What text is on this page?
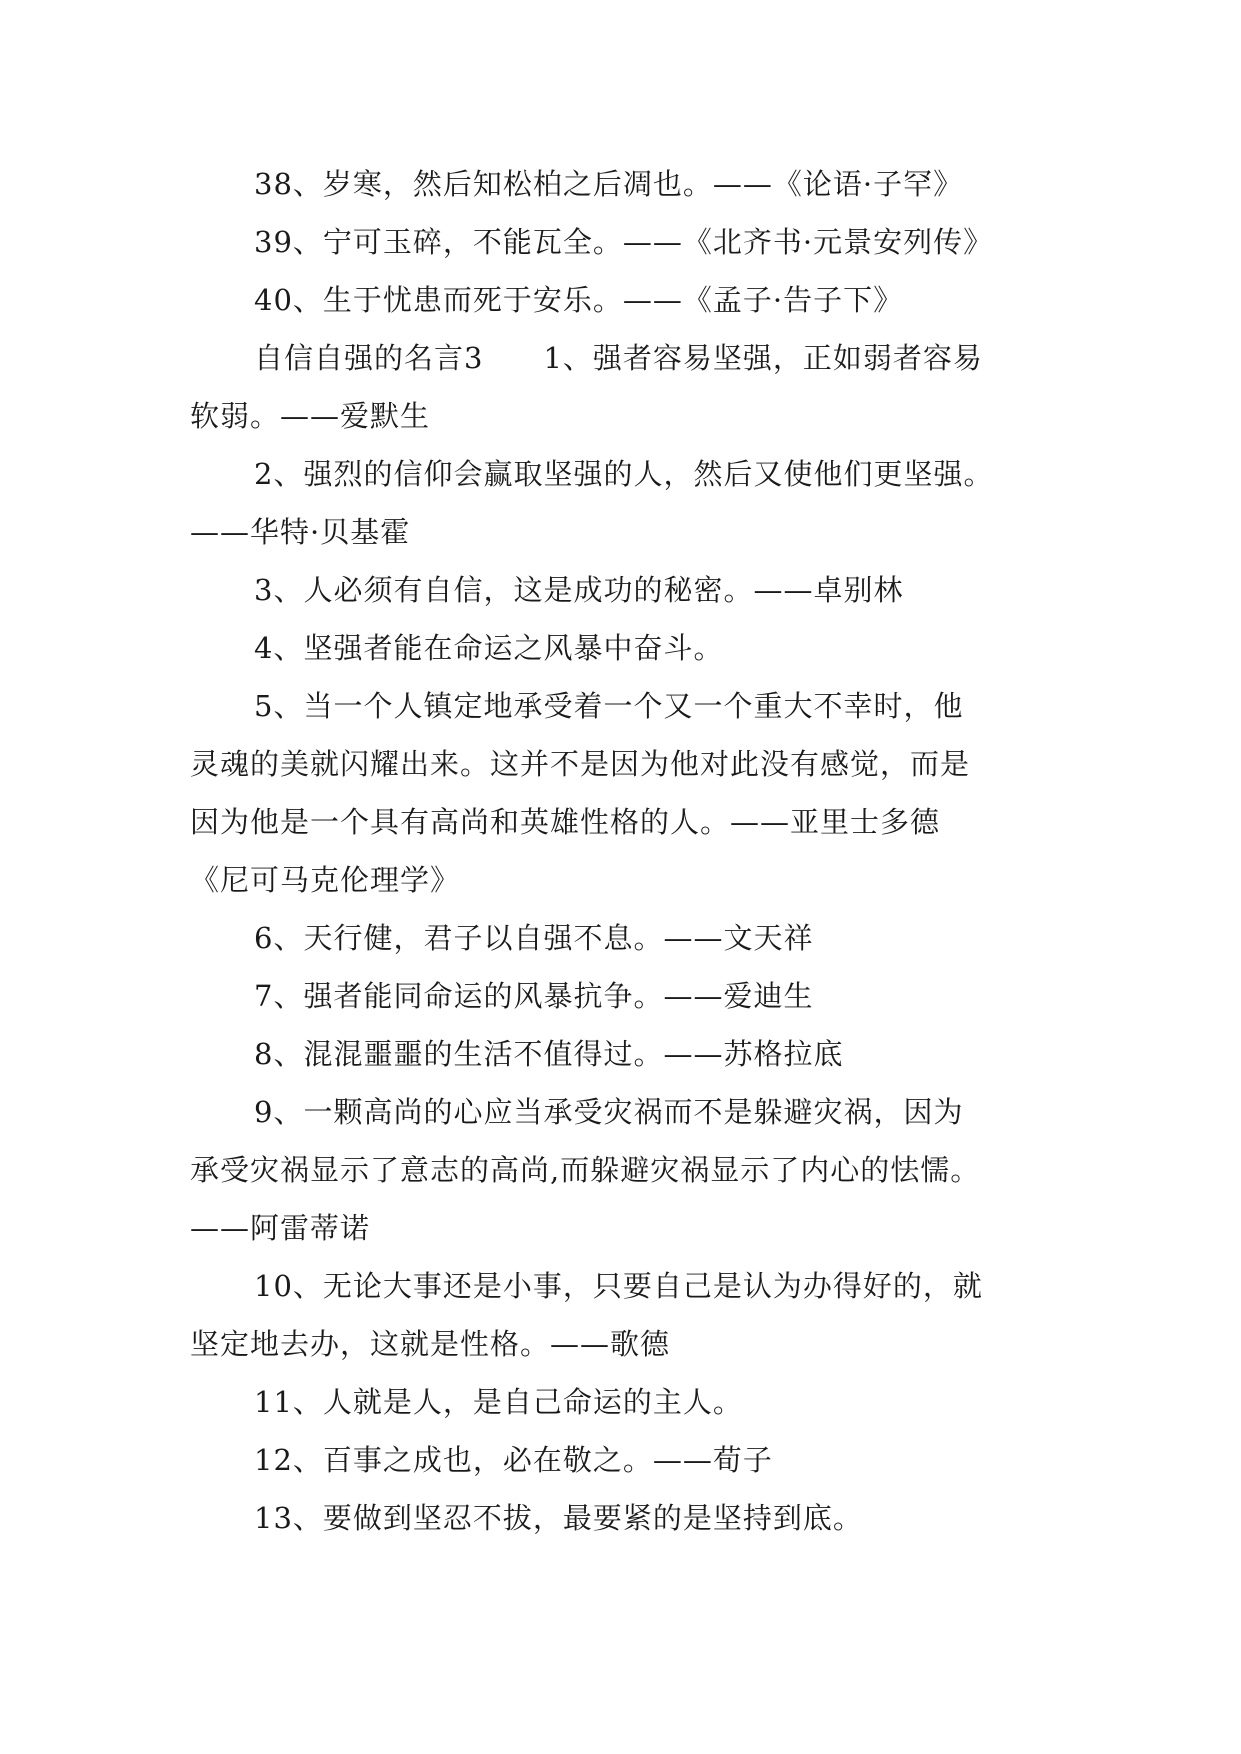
38、岁寒，然后知松柏之后凋也。——《论语·子罕》
39、宁可玉碎，不能瓦全。——《北齐书·元景安列传》
40、生于忧患而死于安乐。——《孟子·告子下》
自信自强的名言3　　1、强者容易坚强，正如弱者容易
软弱。——爱默生
2、强烈的信仰会赢取坚强的人，然后又使他们更坚强。
——华特·贝基霍
3、人必须有自信，这是成功的秘密。——卓别林
4、坚强者能在命运之风暴中奋斗。
5、当一个人镇定地承受着一个又一个重大不幸时，他
灵魂的美就闪耀出来。这并不是因为他对此没有感觉，而是
因为他是一个具有高尚和英雄性格的人。——亚里士多德
《尼可马克伦理学》
6、天行健，君子以自强不息。——文天祥
7、强者能同命运的风暴抗争。——爱迪生
8、混混噩噩的生活不值得过。——苏格拉底
9、一颗高尚的心应当承受灾祸而不是躲避灾祸，因为
承受灾祸显示了意志的高尚,而躲避灾祸显示了内心的怯懦。
——阿雷蒂诺
10、无论大事还是小事，只要自己是认为办得好的，就
坚定地去办，这就是性格。——歌德
11、人就是人，是自己命运的主人。
12、百事之成也，必在敬之。——荀子
13、要做到坚忍不拔，最要紧的是坚持到底。
